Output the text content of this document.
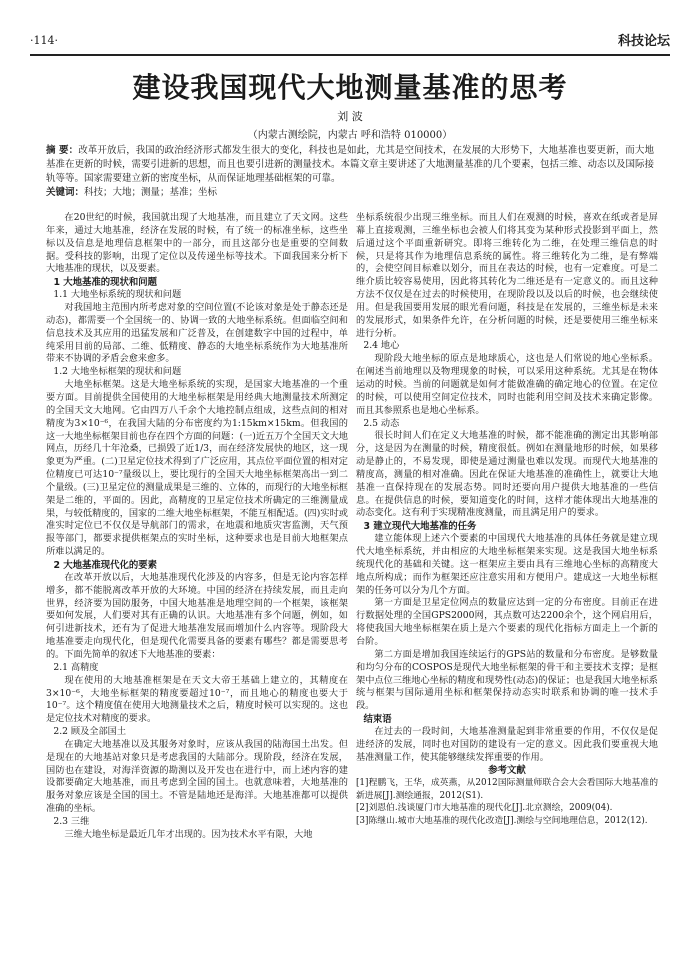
·114·	科技论坛
建设我国现代大地测量基准的思考
刘 波
（内蒙古测绘院，内蒙古 呼和浩特 010000）
摘 要：改革开放后，我国的政治经济形式都发生很大的变化，科技也是如此，尤其是空间技术，在发展的大形势下，大地基准也要更新，而大地基准在更新的时候，需要引进新的思想，而且也要引进新的测量技术。本篇文章主要讲述了大地测量基准的几个要素，包括三维、动态以及国际接轨等等。国家需要建立新的密度坐标，从而保证地理基础框架的可靠。
关键词：科技；大地；测量；基准；坐标

在20世纪的时候，我国就出现了大地基准，而且建立了天文网。这些年来，通过大地基准，经济在发展的时候，有了统一的标准坐标，这些坐标以及信息是地理信息框架中的一部分，而且这部分也是重要的空间数据。受科技的影响，出现了定位以及传递坐标等技术。下面我国来分析下大地基准的现状，以及要素。

1 大地基准的现状和问题
1.1 大地坐标系统的现状和问题

对我国地主范围内所考虑对象的空间位置(不论该对象是处于静态还是动态)，都需要一个全国统一的、协调一致的大地坐标系统。但面临空间和信息技术及其应用的迅猛发展和广泛普及，在创建数字中国的过程中，单纯采用目前的局部、二维、低精度、静态的大地坐标系统作为大地基准所带来不协调的矛盾会愈来愈多。

1.2 大地坐标框架的现状和问题

大地坐标框架。这是大地坐标系统的实现，是国家大地基准的一个重要方面。目前提供全国使用的大地坐标框架是用经典大地测量技术所测定的全国天文大地网。它由四万八千余个大地控制点组成，这些点间的相对精度为3×10⁻⁶，在我国大陆的分布密度约为1:15km×15km。但我国的这一大地坐标框架目前也存在四个方面的问题：(一)近五万个全国天文大地网点，历经几十年沧桑，已损毁了近1/3，而在经济发展快的地区，这一现象更为严重。(二)卫星定位技术得到了广泛应用，其点位平面位置的相对定位精度已可达10⁻⁷量级以上，要比现行的全国天大地坐标框架高出一到二个量级。(三)卫星定位的测量成果是三维的、立体的，而现行的大地坐标框架是二维的，平面的。因此，高精度的卫星定位技术所确定的三维测量成果，与较低精度的，国家的二维大地坐标框架，不能互相配适。(四)实时或准实时定位已不仅仅是导航部门的需求，在地震和地质灾害监测，天气预报等部门，都要求提供框架点的实时坐标，这种要求也是目前大地框架点所难以满足的。

2 大地基准现代化的要素

在改革开放以后，大地基准现代化涉及的内容多，但是无论内容怎样增多，都不能脱离改革开放的大环境。中国的经济在持续发展，而且走向世界，经济要为国防服务，中国大地基准是地理空间的一个框架，该框架要如何发展，人们要对其有正确的认识。大地基准有多个问题，例如，如何引进新技术，还有为了促进大地基准发展而增加什么内容等。现阶段大地基准要走向现代化，但是现代化需要具备的要素有哪些？都是需要思考的。下面先简单的叙述下大地基准的要素：

2.1 高精度

现在使用的大地基准框架是在天文大帝王基础上建立的，其精度在3×10⁻⁶，大地坐标框架的精度要超过10⁻⁷，而且地心的精度也要大于10⁻⁷。这个精度值在使用大地测量技术之后，精度时候可以实现的。这也是定位技术对精度的要求。

2.2 顾及全部国土

在确定大地基准以及其服务对象时，应该从我国的陆海国土出发。但是现在的大地基站对象只是考虑我国的大陆部分。现阶段，经济在发展，国防也在建设，对海洋资源的勘测以及开发也在进行中，而上述内容的建设都要确定大地基准，而且考虑到全国的国土。也就意味着，大地基准的服务对象应该是全国的国土。不管是陆地还是海洋。大地基准都可以提供准确的坐标。

2.3 三维

三维大地坐标是最近几年才出现的。因为技术水平有限，大地

坐标系统很少出现三维坐标。而且人们在观测的时候，喜欢在纸或者是屏幕上直接观测，三维坐标也会被人们将其变为某种形式投影到平面上，然后通过这个平面重新研究。即将三维转化为二维，在处理三维信息的时候，只是将其作为地理信息系统的属性。将三维转化为二维，是有弊端的，会使空间目标难以划分，而且在表达的时候，也有一定难度。可是二维介质比较容易使用，因此将其转化为二维还是有一定意义的。而且这种方法不仅仅是在过去的时候使用，在现阶段以及以后的时候，也会继续使用。但是我国要用发展的眼光看问题，科技是在发展的，三维坐标是未来的发展形式，如果条件允许，在分析问题的时候，还是要使用三维坐标来进行分析。

2.4 地心

现阶段大地坐标的原点是地球质心，这也是人们常说的地心坐标系。在阐述当前地理以及物理现象的时候，可以采用这种系统。尤其是在物体运动的时候。当前的问题就是如何才能做准确的确定地心的位置。在定位的时候，可以使用空间定位技术，同时也能利用空间及技术来确定影像。而且其参照系也是地心坐标系。

2.5 动态

很长时间人们在定义大地基准的时候，都不能准确的测定出其影响部分，这是因为在测量的时候，精度很低。例如在测量地形的时候，如果移动是静止的，不易发现，即使是通过测量也难以发现。而现代大地基准的精度高，测量的相对准确。因此在保证大地基准的准确性上，就要让大地基准一直保持现在的发展态势。同时还要向用户提供大地基准的一些信息。在提供信息的时候，要知道变化的时间，这样才能体现出大地基准的动态变化。这有利于实现精准度测量，而且满足用户的要求。

3 建立现代大地基准的任务

建立能体现上述六个要素的中国现代大地基准的具体任务就是建立现代大地坐标系统，并由相应的大地坐标框架来实现。这是我国大地坐标系统现代化的基础和关键。这一框架应主要由具有三维地心坐标的高精度大地点所构成；而作为框架还应注意实用和方便用户。建成这一大地坐标框架的任务可以分为几个方面。

第一方面是卫星定位网点的数量应达到一定的分布密度。目前正在进行数据处理的全国GPS2000网，其点数可达2200余个，这个网启用后，将使我国大地坐标框架在质上是六个要素的现代化指标方面走上一个新的台阶。

第二方面是增加我国连续运行的GPS站的数量和分布密度。是够数量和均匀分布的COSPOS是现代大地坐标框架的骨干和主要技术支撑；是框架中点位三维地心坐标的精度和现势性(动态)的保证；也是我国大地坐标系统与框架与国际通用坐标和框架保持动态实时联系和协调的唯一技术手段。

结束语

在过去的一段时间，大地基准测量起到非常重要的作用，不仅仅是促进经济的发展，同时也对国防的建设有一定的意义。因此我们要重视大地基准测量工作，使其能够继续发挥重要的作用。

参考文献
[1]程鹏飞，王华，成英燕，从2012国际测量师联合会大会看国际大地基准的新进展[J].测绘通报，2012(S1).
[2]刘恩伯.浅谈厦门市大地基准的现代化[J].北京测绘，2009(04).
[3]陈继山.城市大地基准的现代化改造[J].测绘与空间地理信息，2012(12).
